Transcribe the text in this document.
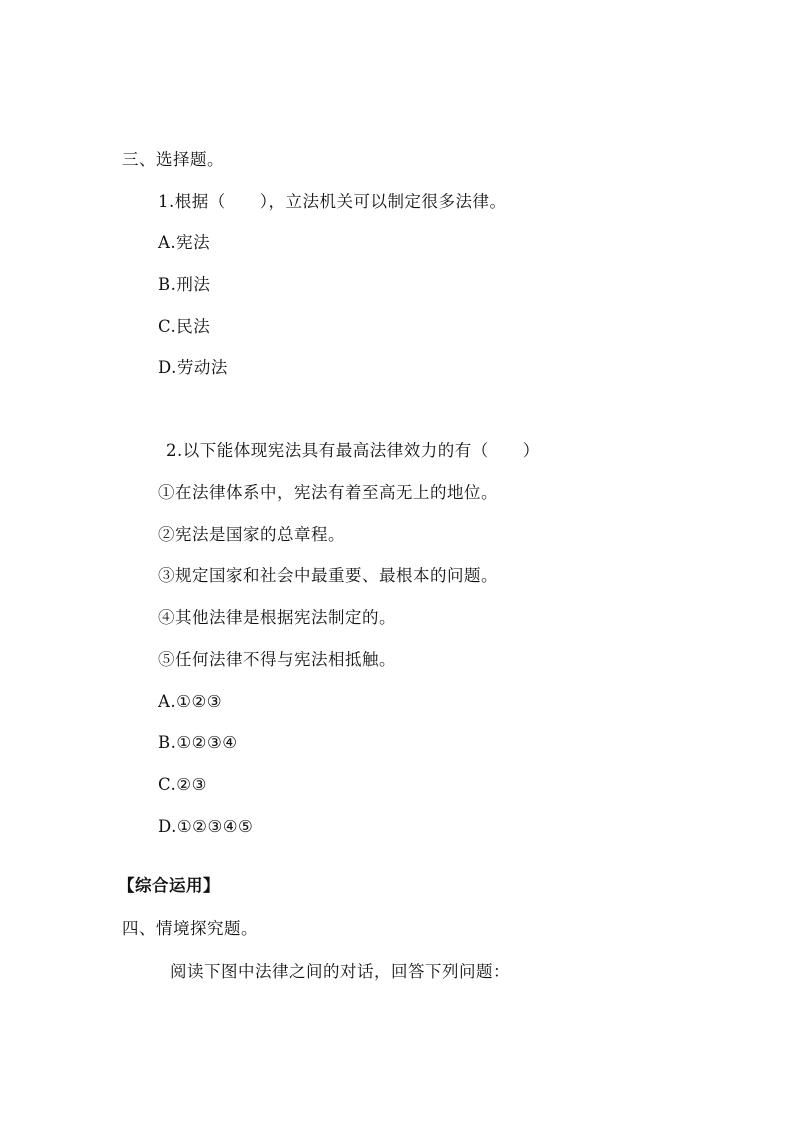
三、选择题。
1.根据（　　），立法机关可以制定很多法律。
A.宪法
B.刑法
C.民法
D.劳动法
2.以下能体现宪法具有最高法律效力的有（　　）
①在法律体系中，宪法有着至高无上的地位。
②宪法是国家的总章程。
③规定国家和社会中最重要、最根本的问题。
④其他法律是根据宪法制定的。
⑤任何法律不得与宪法相抵触。
A.①②③
B.①②③④
C.②③
D.①②③④⑤
【综合运用】
四、情境探究题。
阅读下图中法律之间的对话，回答下列问题：
